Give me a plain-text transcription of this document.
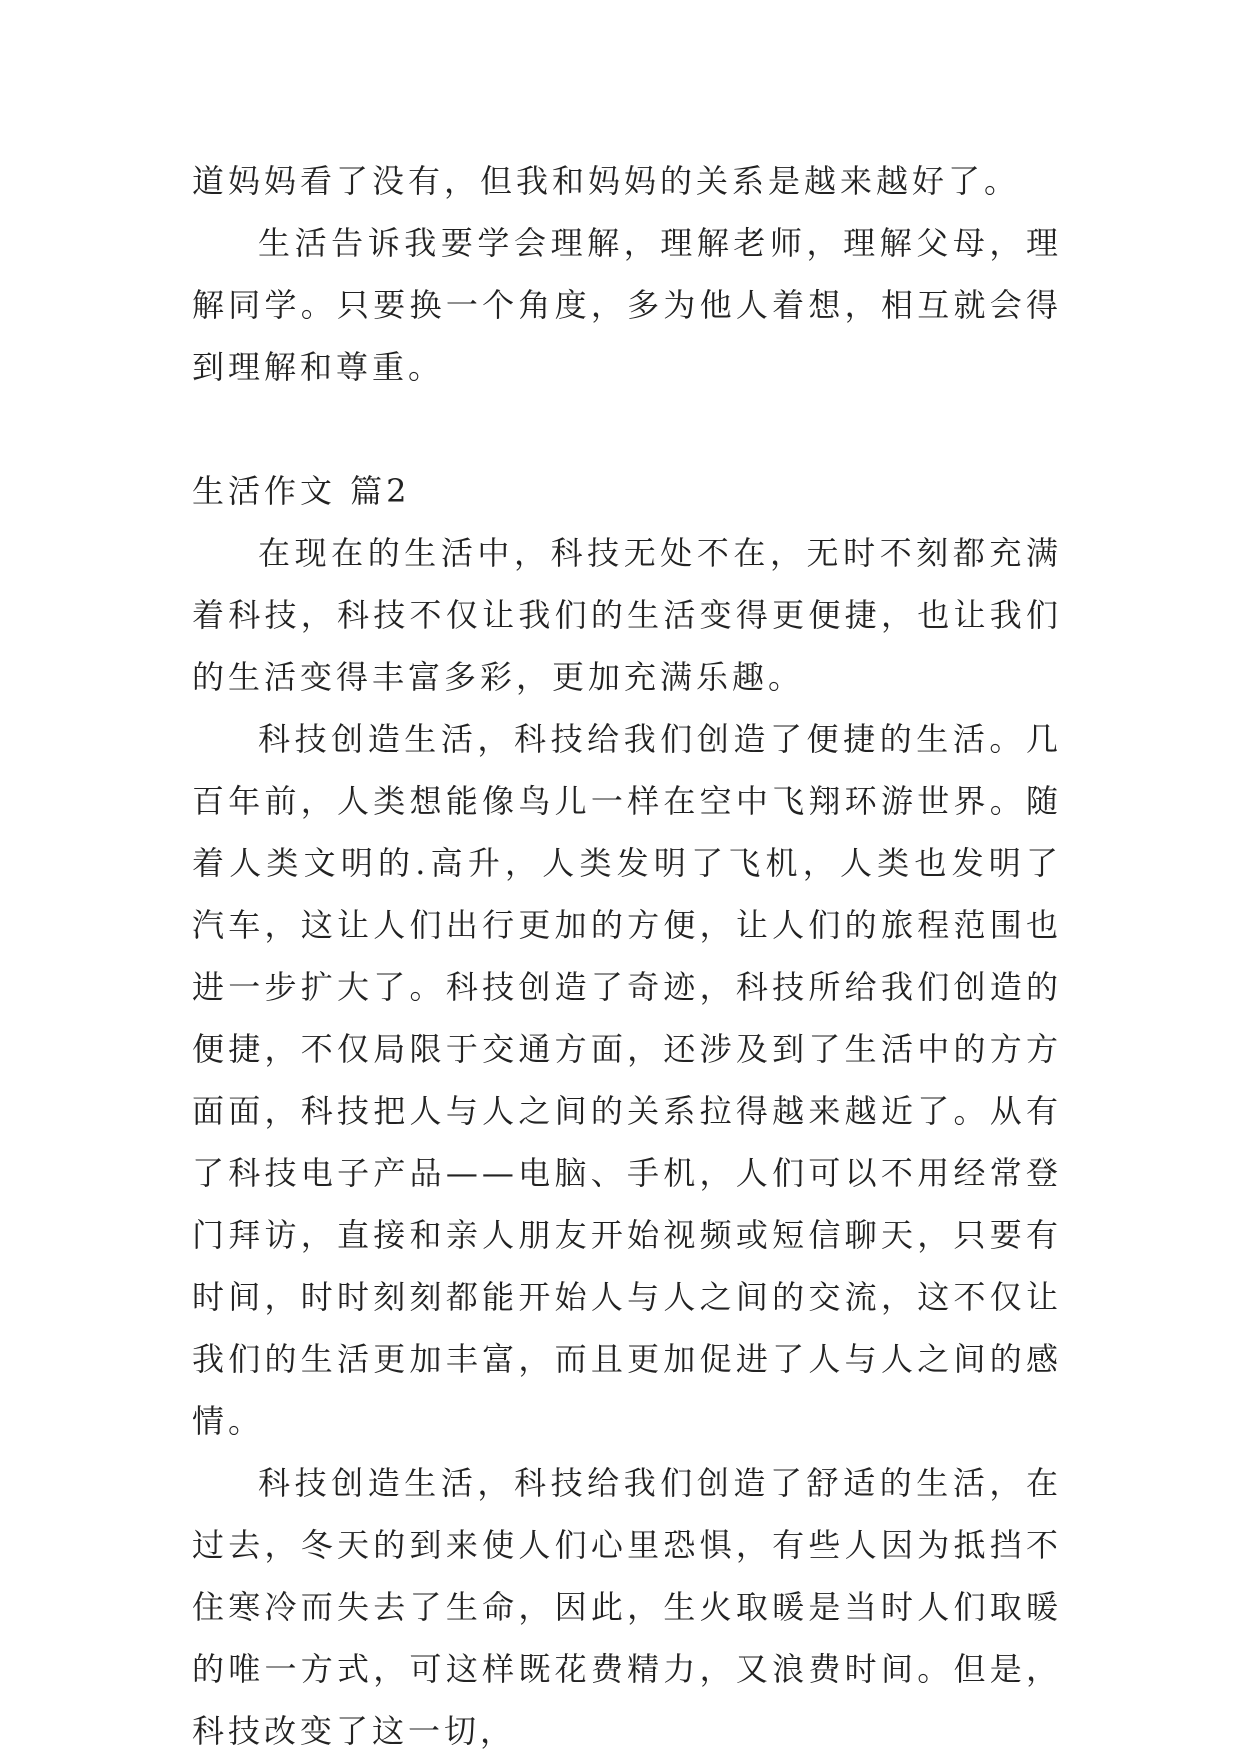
道妈妈看了没有，但我和妈妈的关系是越来越好了。

生活告诉我要学会理解，理解老师，理解父母，理解同学。只要换一个角度，多为他人着想，相互就会得到理解和尊重。

生活作文 篇2

在现在的生活中，科技无处不在，无时不刻都充满着科技，科技不仅让我们的生活变得更便捷，也让我们的生活变得丰富多彩，更加充满乐趣。

科技创造生活，科技给我们创造了便捷的生活。几百年前，人类想能像鸟儿一样在空中飞翔环游世界。随着人类文明的.高升，人类发明了飞机，人类也发明了汽车，这让人们出行更加的方便，让人们的旅程范围也进一步扩大了。科技创造了奇迹，科技所给我们创造的便捷，不仅局限于交通方面，还涉及到了生活中的方方面面，科技把人与人之间的关系拉得越来越近了。从有了科技电子产品——电脑、手机，人们可以不用经常登门拜访，直接和亲人朋友开始视频或短信聊天，只要有时间，时时刻刻都能开始人与人之间的交流，这不仅让我们的生活更加丰富，而且更加促进了人与人之间的感情。

科技创造生活，科技给我们创造了舒适的生活，在过去，冬天的到来使人们心里恐惧，有些人因为抵挡不住寒冷而失去了生命，因此，生火取暖是当时人们取暖的唯一方式，可这样既花费精力，又浪费时间。但是，科技改变了这一切，
